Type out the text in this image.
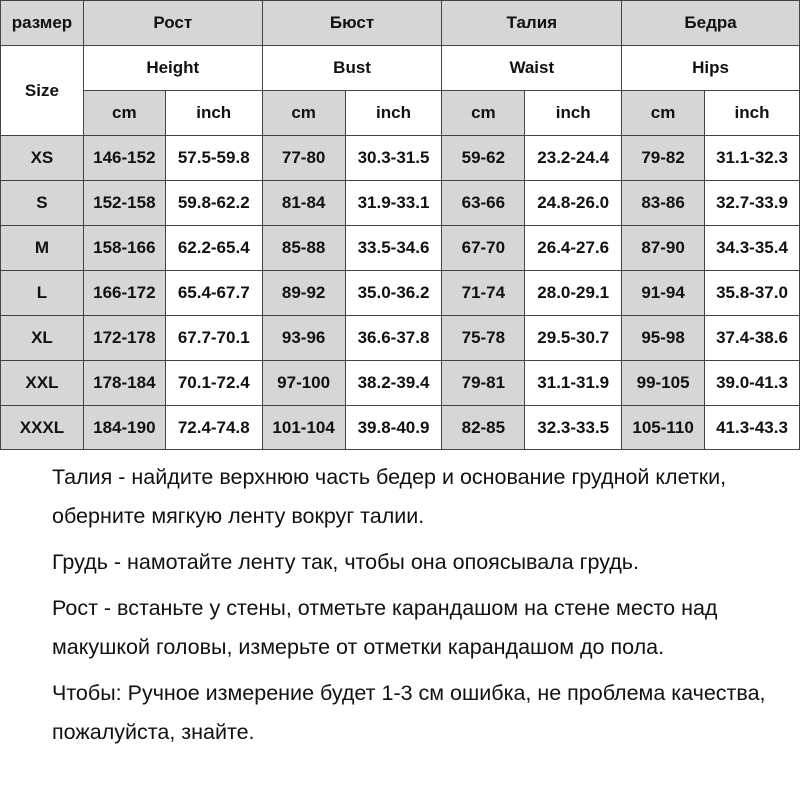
размер	Рост		Бюст		Талия		Бедра	
Size	Height		Bust		Waist		Hips	
	cm	inch	cm	inch	cm	inch	cm	inch
XS	146-152	57.5-59.8	77-80	30.3-31.5	59-62	23.2-24.4	79-82	31.1-32.3
S	152-158	59.8-62.2	81-84	31.9-33.1	63-66	24.8-26.0	83-86	32.7-33.9
M	158-166	62.2-65.4	85-88	33.5-34.6	67-70	26.4-27.6	87-90	34.3-35.4
L	166-172	65.4-67.7	89-92	35.0-36.2	71-74	28.0-29.1	91-94	35.8-37.0
XL	172-178	67.7-70.1	93-96	36.6-37.8	75-78	29.5-30.7	95-98	37.4-38.6
XXL	178-184	70.1-72.4	97-100	38.2-39.4	79-81	31.1-31.9	99-105	39.0-41.3
XXXL	184-190	72.4-74.8	101-104	39.8-40.9	82-85	32.3-33.5	105-110	41.3-43.3

Талия - найдите верхнюю часть бедер и основание грудной клетки, оберните мягкую ленту вокруг талии.

Грудь - намотайте ленту так, чтобы она опоясывала грудь.

Рост - встаньте у стены, отметьте карандашом на стене место над макушкой головы, измерьте от отметки карандашом до пола.

Чтобы: Ручное измерение будет 1-3 см ошибка, не проблема качества, пожалуйста, знайте.
